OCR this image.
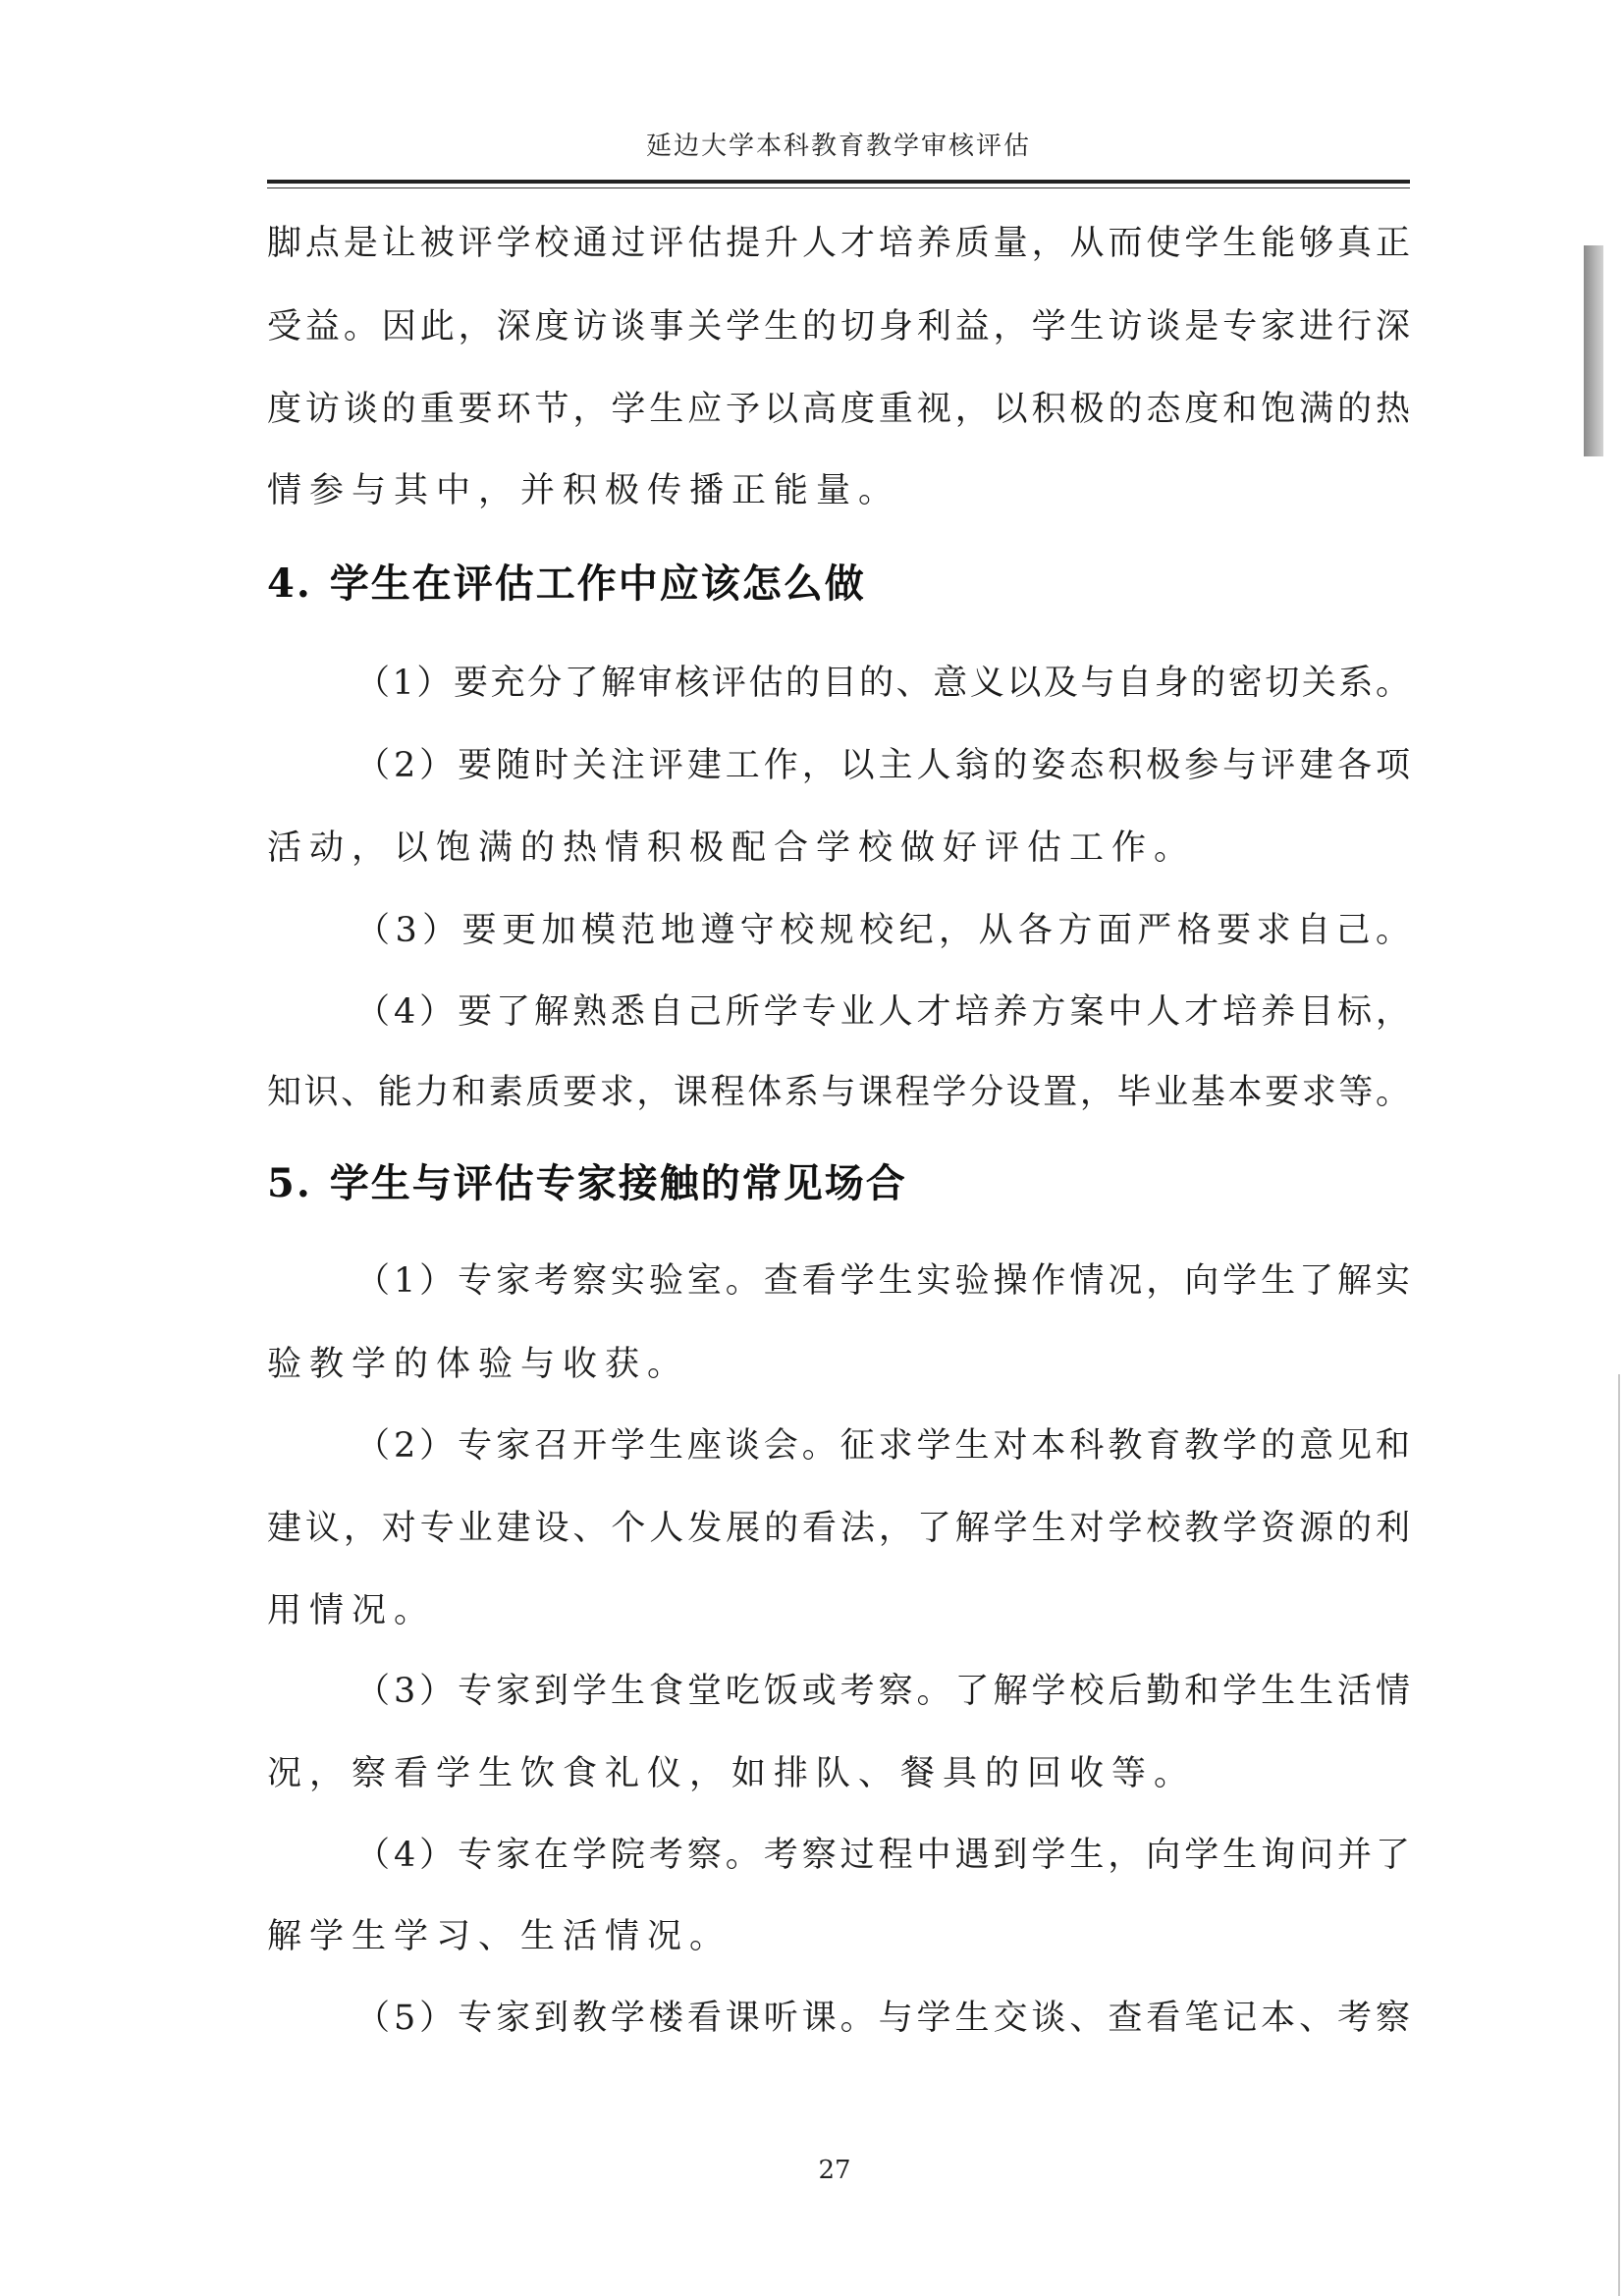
延边大学本科教育教学审核评估
脚点是让被评学校通过评估提升人才培养质量，从而使学生能够真正
受益。因此，深度访谈事关学生的切身利益，学生访谈是专家进行深
度访谈的重要环节，学生应予以高度重视，以积极的态度和饱满的热
情参与其中，并积极传播正能量。
4. 学生在评估工作中应该怎么做
（1）要充分了解审核评估的目的、意义以及与自身的密切关系。
（2）要随时关注评建工作，以主人翁的姿态积极参与评建各项
活动，以饱满的热情积极配合学校做好评估工作。
（3）要更加模范地遵守校规校纪，从各方面严格要求自己。
（4）要了解熟悉自己所学专业人才培养方案中人才培养目标，
知识、能力和素质要求，课程体系与课程学分设置，毕业基本要求等。
5. 学生与评估专家接触的常见场合
（1）专家考察实验室。查看学生实验操作情况，向学生了解实
验教学的体验与收获。
（2）专家召开学生座谈会。征求学生对本科教育教学的意见和
建议，对专业建设、个人发展的看法，了解学生对学校教学资源的利
用情况。
（3）专家到学生食堂吃饭或考察。了解学校后勤和学生生活情
况，察看学生饮食礼仪，如排队、餐具的回收等。
（4）专家在学院考察。考察过程中遇到学生，向学生询问并了
解学生学习、生活情况。
（5）专家到教学楼看课听课。与学生交谈、查看笔记本、考察
27
